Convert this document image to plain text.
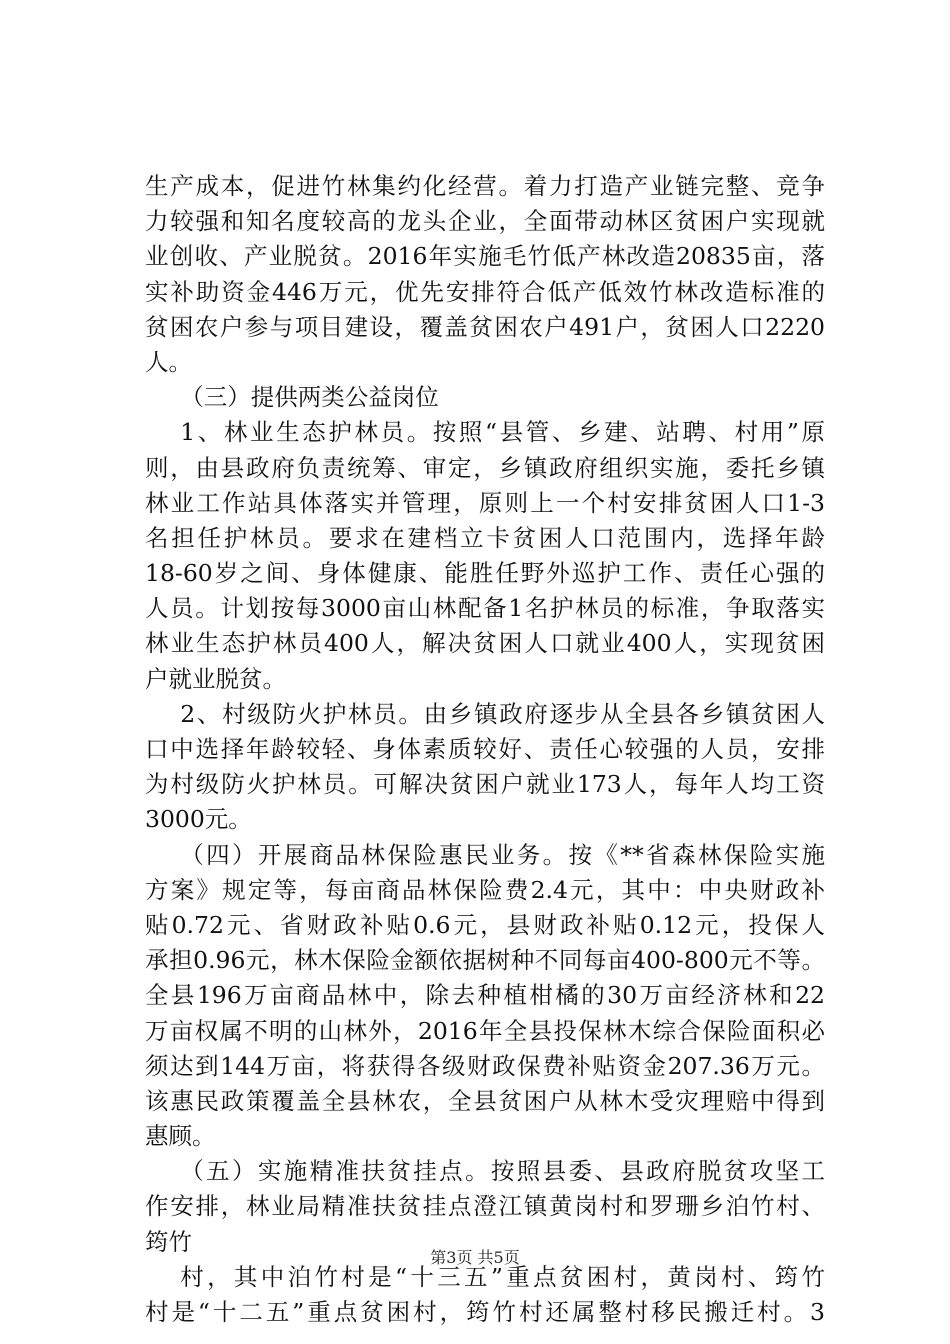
生产成本，促进竹林集约化经营。着力打造产业链完整、竞争
力较强和知名度较高的龙头企业，全面带动林区贫困户实现就
业创收、产业脱贫。2016年实施毛竹低产林改造20835亩，落
实补助资金446万元，优先安排符合低产低效竹林改造标准的
贫困农户参与项目建设，覆盖贫困农户491户，贫困人口2220
人。
（三）提供两类公益岗位
1、林业生态护林员。按照“县管、乡建、站聘、村用”原
则，由县政府负责统筹、审定，乡镇政府组织实施，委托乡镇
林业工作站具体落实并管理，原则上一个村安排贫困人口1-3
名担任护林员。要求在建档立卡贫困人口范围内，选择年龄
18-60岁之间、身体健康、能胜任野外巡护工作、责任心强的
人员。计划按每3000亩山林配备1名护林员的标准，争取落实
林业生态护林员400人，解决贫困人口就业400人，实现贫困
户就业脱贫。
2、村级防火护林员。由乡镇政府逐步从全县各乡镇贫困人
口中选择年龄较轻、身体素质较好、责任心较强的人员，安排
为村级防火护林员。可解决贫困户就业173人，每年人均工资
3000元。
（四）开展商品林保险惠民业务。按《**省森林保险实施
方案》规定等，每亩商品林保险费2.4元，其中：中央财政补
贴0.72元、省财政补贴0.6元，县财政补贴0.12元，投保人
承担0.96元，林木保险金额依据树种不同每亩400-800元不等。
全县196万亩商品林中，除去种植柑橘的30万亩经济林和22
万亩权属不明的山林外，2016年全县投保林木综合保险面积必
须达到144万亩，将获得各级财政保费补贴资金207.36万元。
该惠民政策覆盖全县林农，全县贫困户从林木受灾理赔中得到
惠顾。
（五）实施精准扶贫挂点。按照县委、县政府脱贫攻坚工
作安排，林业局精准扶贫挂点澄江镇黄岗村和罗珊乡泊竹村、
筠竹
村，其中泊竹村是“十三五”重点贫困村，黄岗村、筠竹
村是“十二五”重点贫困村，筠竹村还属整村移民搬迁村。3
第3页 共5页
